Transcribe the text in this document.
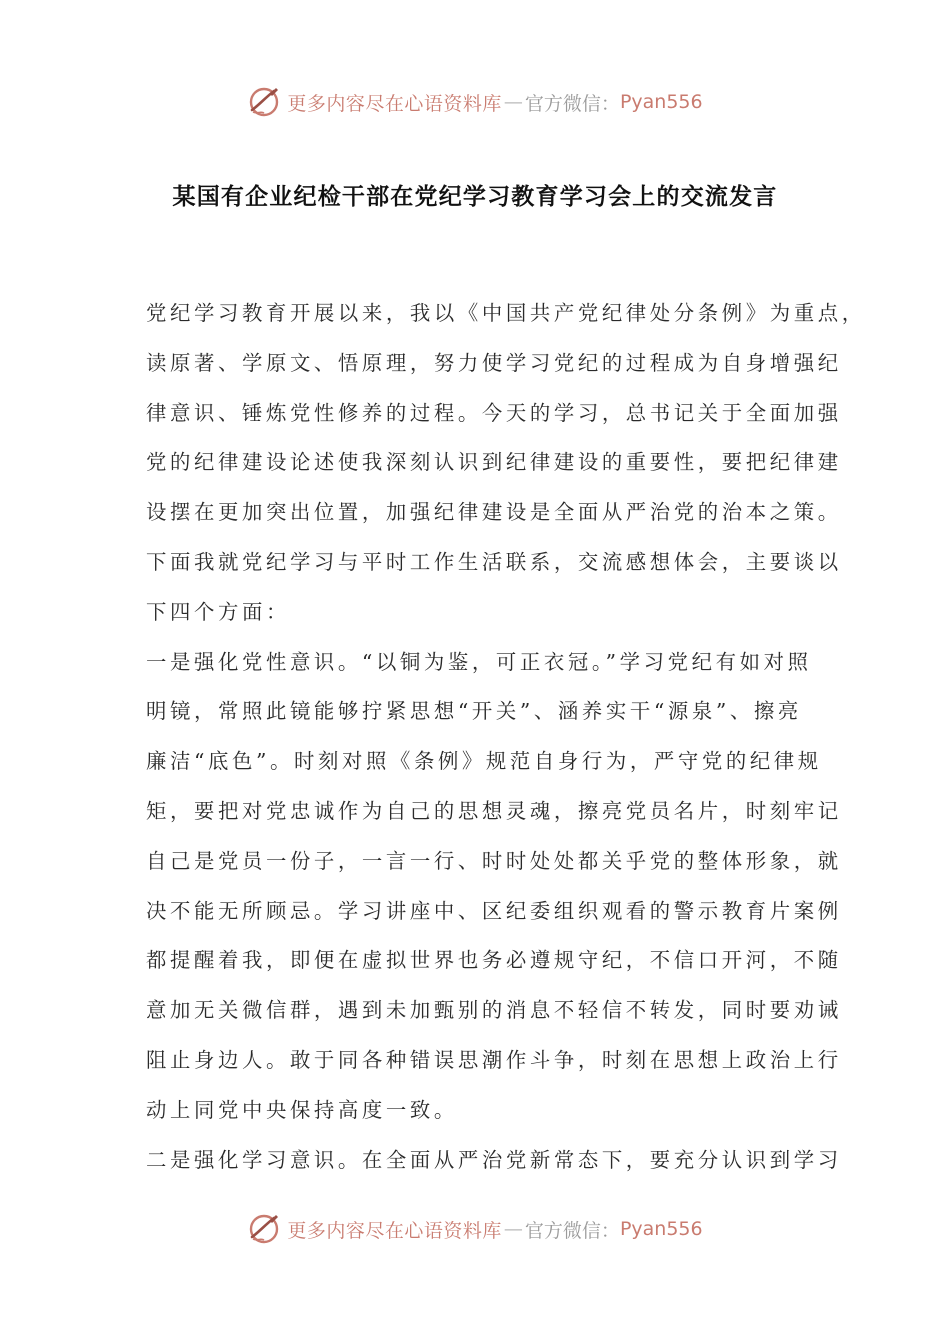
更多内容尽在心语资料库 — 官方微信： Pyan556
某国有企业纪检干部在党纪学习教育学习会上的交流发言
党纪学习教育开展以来，我以《中国共产党纪律处分条例》为重点，
读原著、学原文、悟原理，努力使学习党纪的过程成为自身增强纪
律意识、锤炼党性修养的过程。今天的学习，总书记关于全面加强
党的纪律建设论述使我深刻认识到纪律建设的重要性，要把纪律建
设摆在更加突出位置，加强纪律建设是全面从严治党的治本之策。
下面我就党纪学习与平时工作生活联系，交流感想体会，主要谈以
下四个方面：
一是强化党性意识。“以铜为鉴，可正衣冠。”学习党纪有如对照
明镜，常照此镜能够拧紧思想“开关”、涵养实干“源泉”、擦亮
廉洁“底色”。时刻对照《条例》规范自身行为，严守党的纪律规
矩，要把对党忠诚作为自己的思想灵魂，擦亮党员名片，时刻牢记
自己是党员一份子，一言一行、时时处处都关乎党的整体形象，就
决不能无所顾忌。学习讲座中、区纪委组织观看的警示教育片案例
都提醒着我，即便在虚拟世界也务必遵规守纪，不信口开河，不随
意加无关微信群，遇到未加甄别的消息不轻信不转发，同时要劝诫
阻止身边人。敢于同各种错误思潮作斗争，时刻在思想上政治上行
动上同党中央保持高度一致。
二是强化学习意识。在全面从严治党新常态下，要充分认识到学习
更多内容尽在心语资料库 — 官方微信： Pyan556
